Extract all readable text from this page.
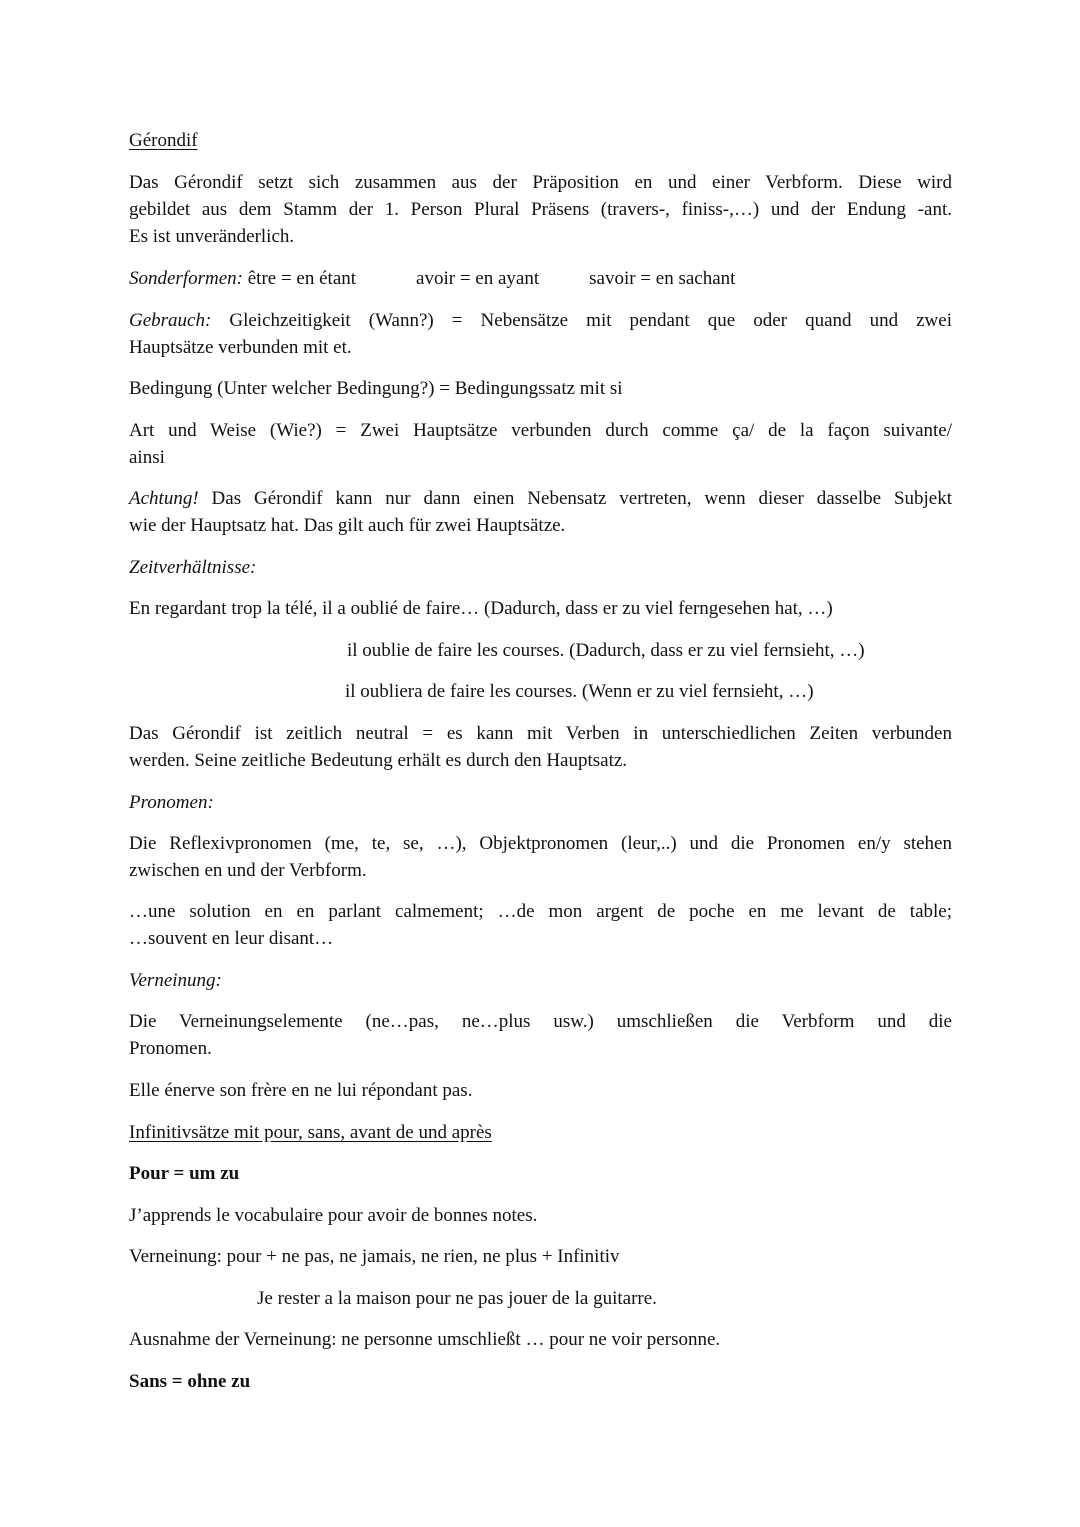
Gérondif
Das Gérondif setzt sich zusammen aus der Präposition en und einer Verbform. Diese wird
gebildet aus dem Stamm der 1. Person Plural Präsens (travers-, finiss-,…) und der Endung -ant.
Es ist unveränderlich.
Sonderformen: être = en étant	avoir = en ayant	savoir = en sachant
Gebrauch: Gleichzeitigkeit (Wann?) = Nebensätze mit pendant que oder quand und zwei
Hauptsätze verbunden mit et.
Bedingung (Unter welcher Bedingung?) = Bedingungssatz mit si
Art und Weise (Wie?) = Zwei Hauptsätze verbunden durch comme ça/ de la façon suivante/
ainsi
Achtung! Das Gérondif kann nur dann einen Nebensatz vertreten, wenn dieser dasselbe Subjekt
wie der Hauptsatz hat. Das gilt auch für zwei Hauptsätze.
Zeitverhältnisse:
En regardant trop la télé, il a oublié de faire… (Dadurch, dass er zu viel ferngesehen hat, …)
il oublie de faire les courses. (Dadurch, dass er zu viel fernsieht, …)
il oubliera de faire les courses. (Wenn er zu viel fernsieht, …)
Das Gérondif ist zeitlich neutral = es kann mit Verben in unterschiedlichen Zeiten verbunden
werden. Seine zeitliche Bedeutung erhält es durch den Hauptsatz.
Pronomen:
Die Reflexivpronomen (me, te, se, …), Objektpronomen (leur,..) und die Pronomen en/y stehen
zwischen en und der Verbform.
…une solution en en parlant calmement; …de mon argent de poche en me levant de table;
…souvent en leur disant…
Verneinung:
Die Verneinungselemente (ne…pas, ne…plus usw.) umschließen die Verbform und die
Pronomen.
Elle énerve son frère en ne lui répondant pas.
Infinitivsätze mit pour, sans, avant de und après
Pour = um zu
J’apprends le vocabulaire pour avoir de bonnes notes.
Verneinung: pour + ne pas, ne jamais, ne rien, ne plus + Infinitiv
Je rester a la maison pour ne pas jouer de la guitarre.
Ausnahme der Verneinung: ne personne umschließt … pour ne voir personne.
Sans = ohne zu
